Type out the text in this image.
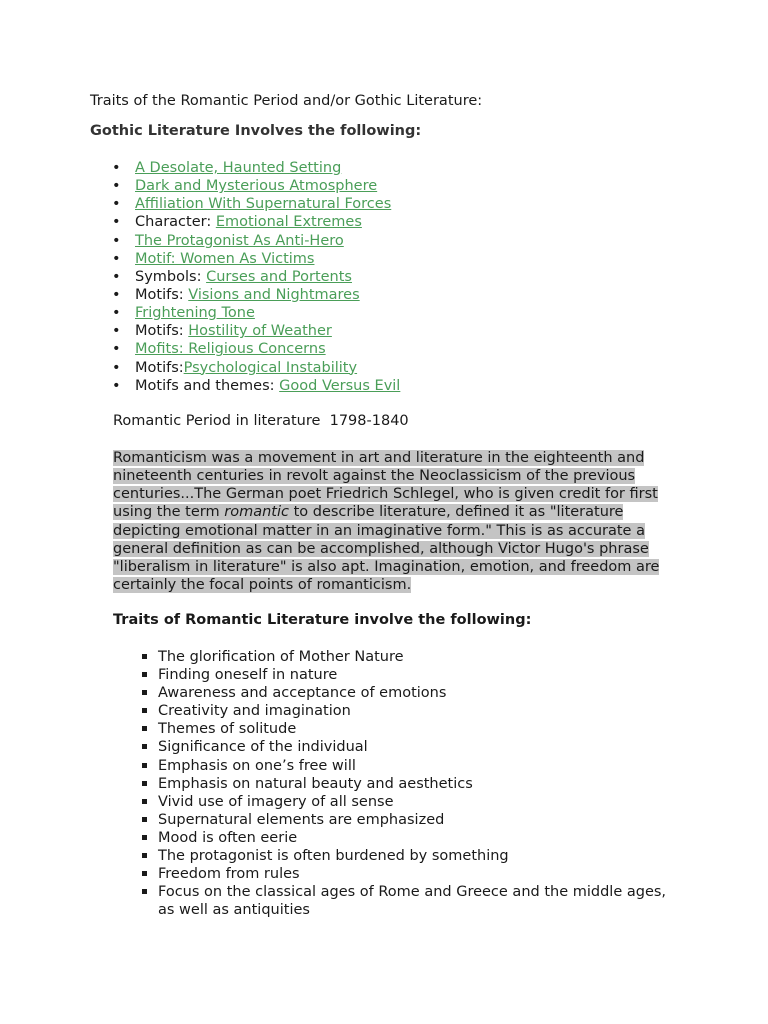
Traits of the Romantic Period and/or Gothic Literature:
Gothic Literature Involves the following:
• A Desolate, Haunted Setting
• Dark and Mysterious Atmosphere
• Affiliation With Supernatural Forces
• Character: Emotional Extremes
• The Protagonist As Anti-Hero
• Motif: Women As Victims
• Symbols: Curses and Portents
• Motifs: Visions and Nightmares
• Frightening Tone
• Motifs: Hostility of Weather
• Mofits: Religious Concerns
• Motifs:Psychological Instability
• Motifs and themes: Good Versus Evil
Romantic Period in literature  1798-1840

Romanticism was a movement in art and literature in the eighteenth and nineteenth centuries in revolt against the Neoclassicism of the previous centuries...The German poet Friedrich Schlegel, who is given credit for first using the term romantic to describe literature, defined it as "literature depicting emotional matter in an imaginative form." This is as accurate a general definition as can be accomplished, although Victor Hugo's phrase "liberalism in literature" is also apt. Imagination, emotion, and freedom are certainly the focal points of romanticism.

Traits of Romantic Literature involve the following:
The glorification of Mother Nature
Finding oneself in nature
Awareness and acceptance of emotions
Creativity and imagination
Themes of solitude
Significance of the individual
Emphasis on one’s free will
Emphasis on natural beauty and aesthetics
Vivid use of imagery of all sense
Supernatural elements are emphasized
Mood is often eerie
The protagonist is often burdened by something
Freedom from rules
Focus on the classical ages of Rome and Greece and the middle ages, as well as antiquities
